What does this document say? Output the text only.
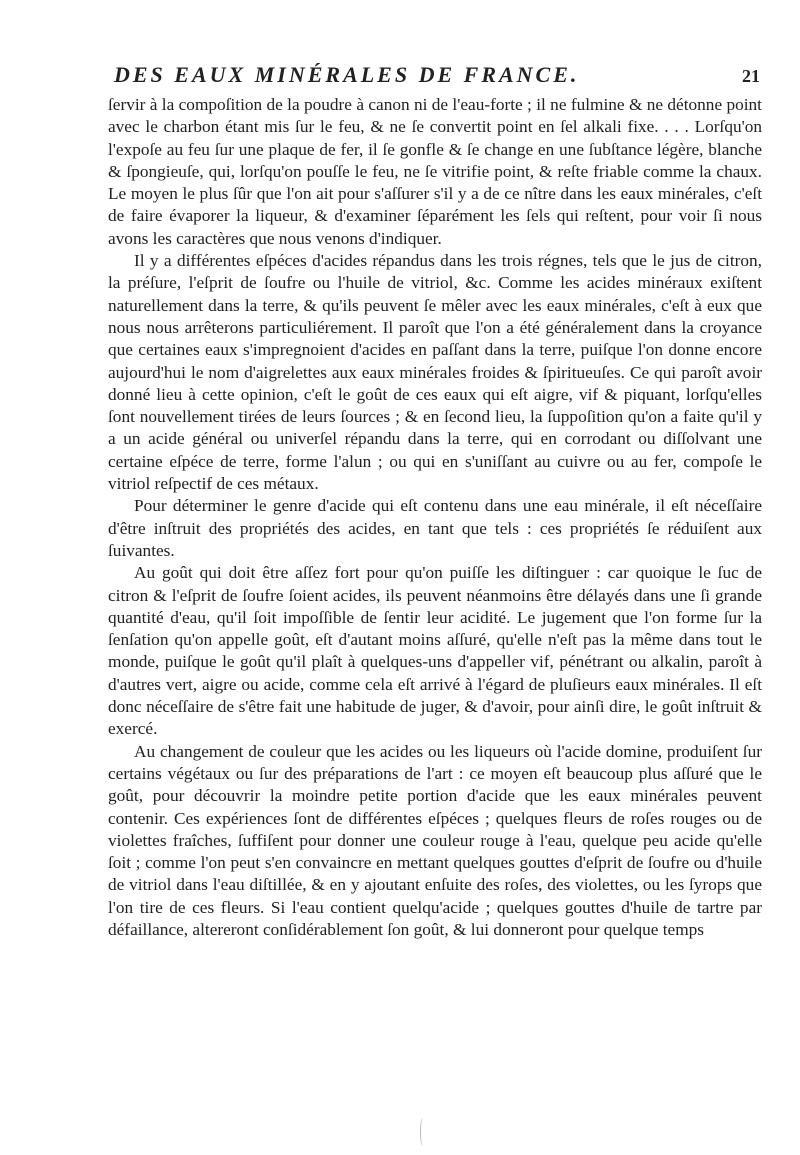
DES EAUX MINÉRALES DE FRANCE.	21

ſervir à la compoſition de la poudre à canon ni de l'eau-forte ; il ne fulmine & ne détonne point avec le charbon étant mis ſur le feu, & ne ſe convertit point en ſel alkali fixe. . . . Lorſqu'on l'expoſe au feu ſur une plaque de fer, il ſe gonfle & ſe change en une ſubſtance légère, blanche & ſpongieuſe, qui, lorſqu'on pouſſe le feu, ne ſe vitrifie point, & reſte friable comme la chaux. Le moyen le plus ſûr que l'on ait pour s'aſſurer s'il y a de ce nître dans les eaux minérales, c'eſt de faire évaporer la liqueur, & d'examiner ſéparément les ſels qui reſtent, pour voir ſi nous avons les caractères que nous venons d'indiquer.

Il y a différentes eſpéces d'acides répandus dans les trois régnes, tels que le jus de citron, la préſure, l'eſprit de ſoufre ou l'huile de vitriol, &c. Comme les acides minéraux exiſtent naturellement dans la terre, & qu'ils peuvent ſe mêler avec les eaux minérales, c'eſt à eux que nous nous arrêterons particuliérement. Il paroît que l'on a été généralement dans la croyance que certaines eaux s'impregnoient d'acides en paſſant dans la terre, puiſque l'on donne encore aujourd'hui le nom d'aigrelettes aux eaux minérales froides & ſpiritueuſes. Ce qui paroît avoir donné lieu à cette opinion, c'eſt le goût de ces eaux qui eſt aigre, vif & piquant, lorſqu'elles ſont nouvellement tirées de leurs ſources ; & en ſecond lieu, la ſuppoſition qu'on a faite qu'il y a un acide général ou univerſel répandu dans la terre, qui en corrodant ou diſſolvant une certaine eſpéce de terre, forme l'alun ; ou qui en s'uniſſant au cuivre ou au fer, compoſe le vitriol reſpectif de ces métaux.

Pour déterminer le genre d'acide qui eſt contenu dans une eau minérale, il eſt néceſſaire d'être inſtruit des propriétés des acides, en tant que tels : ces propriétés ſe réduiſent aux ſuivantes.

Au goût qui doit être aſſez fort pour qu'on puiſſe les diſtinguer : car quoique le ſuc de citron & l'eſprit de ſoufre ſoient acides, ils peuvent néanmoins être délayés dans une ſi grande quantité d'eau, qu'il ſoit impoſſible de ſentir leur acidité. Le jugement que l'on forme ſur la ſenſation qu'on appelle goût, eſt d'autant moins aſſuré, qu'elle n'eſt pas la même dans tout le monde, puiſque le goût qu'il plaît à quelques-uns d'appeller vif, pénétrant ou alkalin, paroît à d'autres vert, aigre ou acide, comme cela eſt arrivé à l'égard de pluſieurs eaux minérales. Il eſt donc néceſſaire de s'être fait une habitude de juger, & d'avoir, pour ainſi dire, le goût inſtruit & exercé.

Au changement de couleur que les acides ou les liqueurs où l'acide domine, produiſent ſur certains végétaux ou ſur des préparations de l'art : ce moyen eſt beaucoup plus aſſuré que le goût, pour découvrir la moindre petite portion d'acide que les eaux minérales peuvent contenir. Ces expériences ſont de différentes eſpéces ; quelques fleurs de roſes rouges ou de violettes fraîches, ſuffiſent pour donner une couleur rouge à l'eau, quelque peu acide qu'elle ſoit ; comme l'on peut s'en convaincre en mettant quelques gouttes d'eſprit de ſoufre ou d'huile de vitriol dans l'eau diſtillée, & en y ajoutant enſuite des roſes, des violettes, ou les ſyrops que l'on tire de ces fleurs. Si l'eau contient quelqu'acide ; quelques gouttes d'huile de tartre par défaillance, altereront conſidérablement ſon goût, & lui donneront pour quelque temps
